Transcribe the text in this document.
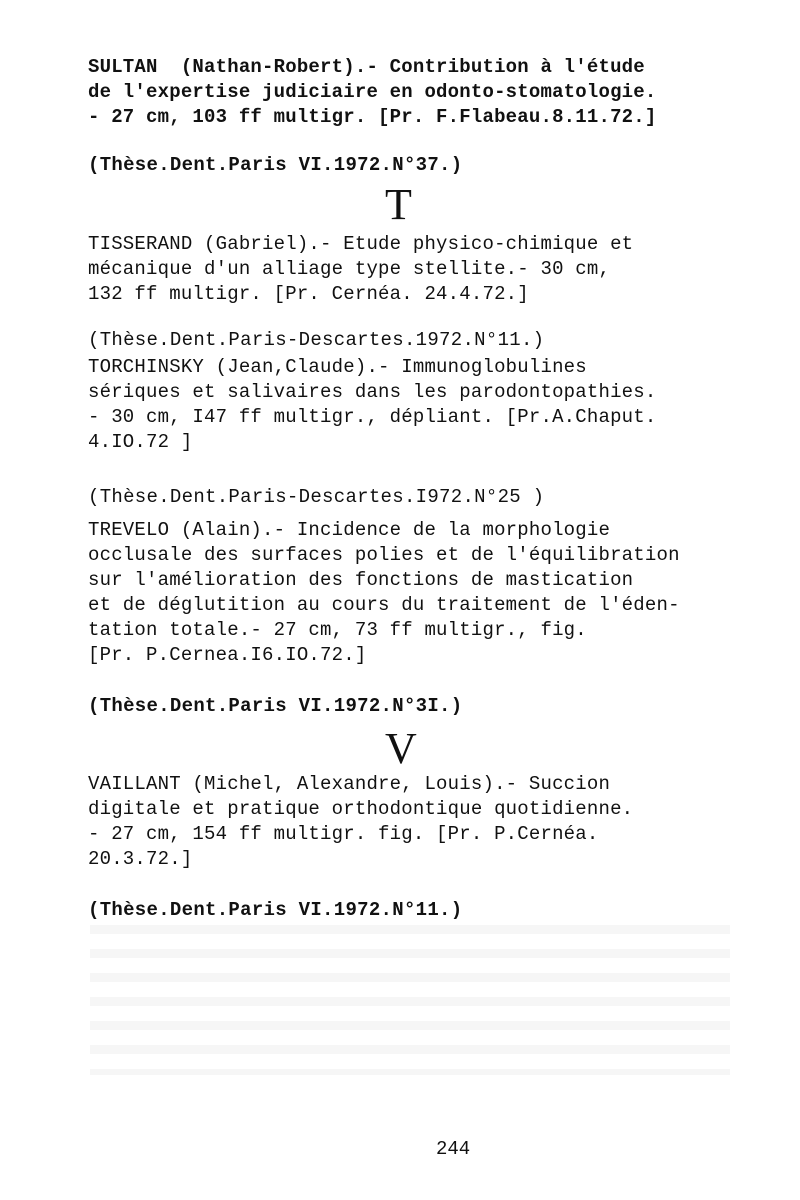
SULTAN  (Nathan-Robert).- Contribution à l'étude
de l'expertise judiciaire en odonto-stomatologie.
- 27 cm, 103 ff multigr. [Pr. F.Flabeau.8.11.72.]
(Thèse.Dent.Paris VI.1972.N°37.)
T
TISSERAND (Gabriel).- Etude physico-chimique et
mécanique d'un alliage type stellite.- 30 cm,
132 ff multigr. [Pr. Cernéa. 24.4.72.]
(Thèse.Dent.Paris-Descartes.1972.N°11.)
TORCHINSKY (Jean,Claude).- Immunoglobulines
sériques et salivaires dans les parodontopathies.
- 30 cm, I47 ff multigr., dépliant. [Pr.A.Chaput.
4.IO.72 ]
(Thèse.Dent.Paris-Descartes.I972.N°25 )
TREVELO (Alain).- Incidence de la morphologie
occlusale des surfaces polies et de l'équilibration
sur l'amélioration des fonctions de mastication
et de déglutition au cours du traitement de l'éden-
tation totale.- 27 cm, 73 ff multigr., fig.
[Pr. P.Cernea.I6.IO.72.]
(Thèse.Dent.Paris VI.1972.N°3I.)
V
VAILLANT (Michel, Alexandre, Louis).- Succion
digitale et pratique orthodontique quotidienne.
- 27 cm, 154 ff multigr. fig. [Pr. P.Cernéa.
20.3.72.]
(Thèse.Dent.Paris VI.1972.N°11.)
244
